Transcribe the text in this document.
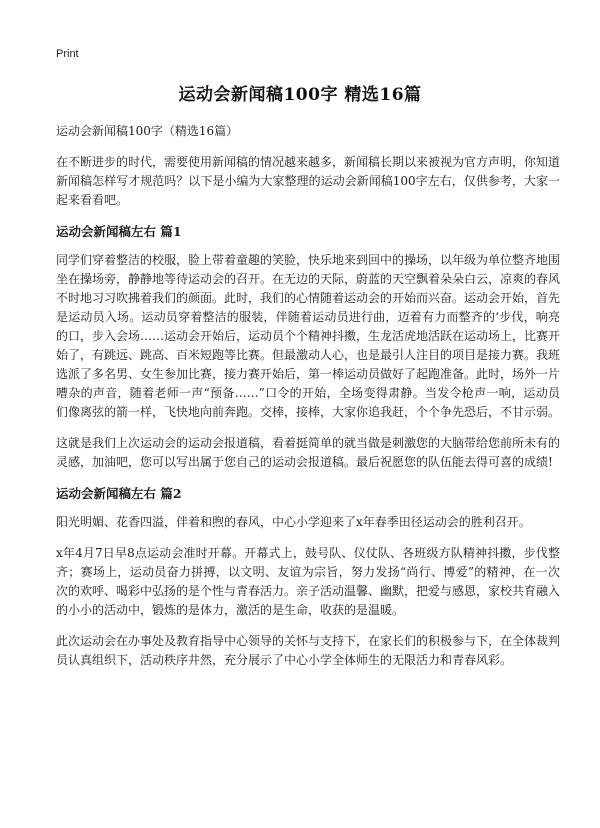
Print
运动会新闻稿100字 精选16篇
运动会新闻稿100字（精选16篇）

在不断进步的时代，需要使用新闻稿的情况越来越多，新闻稿长期以来被视为官方声明，你知道新闻稿怎样写才规范吗？以下是小编为大家整理的运动会新闻稿100字左右，仅供参考，大家一起来看看吧。

运动会新闻稿左右 篇1

同学们穿着整洁的校服，脸上带着童趣的笑脸，快乐地来到回中的操场，以年级为单位整齐地围坐在操场旁，静静地等待运动会的召开。在无边的天际，蔚蓝的天空飘着朵朵白云，凉爽的春风不时地习习吹拂着我们的颜面。此时，我们的心情随着运动会的开始而兴奋。运动会开始，首先是运动员入场。运动员穿着整洁的服装，伴随着运动员进行曲，迈着有力而整齐的‘步伐，响亮的口，步入会场……运动会开始后，运动员个个精神抖擞，生龙活虎地活跃在运动场上，比赛开始了，有跳远、跳高、百米短跑等比赛。但最激动人心，也是最引人注目的项目是接力赛。我班选派了多名男、女生参加比赛，接力赛开始后，第一棒运动员做好了起跑准备。此时，场外一片嘈杂的声音，随着老师一声“预备……”口令的开始，全场变得肃静。当发令枪声一响，运动员们像离弦的箭一样，飞快地向前奔跑。交棒，接棒，大家你追我赶，个个争先恐后，不甘示弱。

这就是我们上次运动会的运动会报道稿，看着挺简单的就当做是刺激您的大脑带给您前所未有的灵感，加油吧，您可以写出属于您自己的运动会报道稿。最后祝愿您的队伍能去得可喜的成绩!

运动会新闻稿左右 篇2

阳光明媚、花香四溢，伴着和煦的春风，中心小学迎来了x年春季田径运动会的胜利召开。

x年4月7日早8点运动会准时开幕。开幕式上，鼓号队、仪仗队、各班级方队精神抖擞，步伐整齐；赛场上，运动员奋力拼搏，以文明、友谊为宗旨，努力发扬“尚行、博爱”的精神，在一次次的欢呼、喝彩中弘扬的是个性与青春活力。亲子活动温馨、幽默，把爱与感恩，家校共育融入的小小的活动中，锻炼的是体力，激活的是生命，收获的是温暖。

此次运动会在办事处及教育指导中心领导的关怀与支持下，在家长们的积极参与下，在全体裁判员认真组织下，活动秩序井然，充分展示了中心小学全体师生的无限活力和青春风彩。
